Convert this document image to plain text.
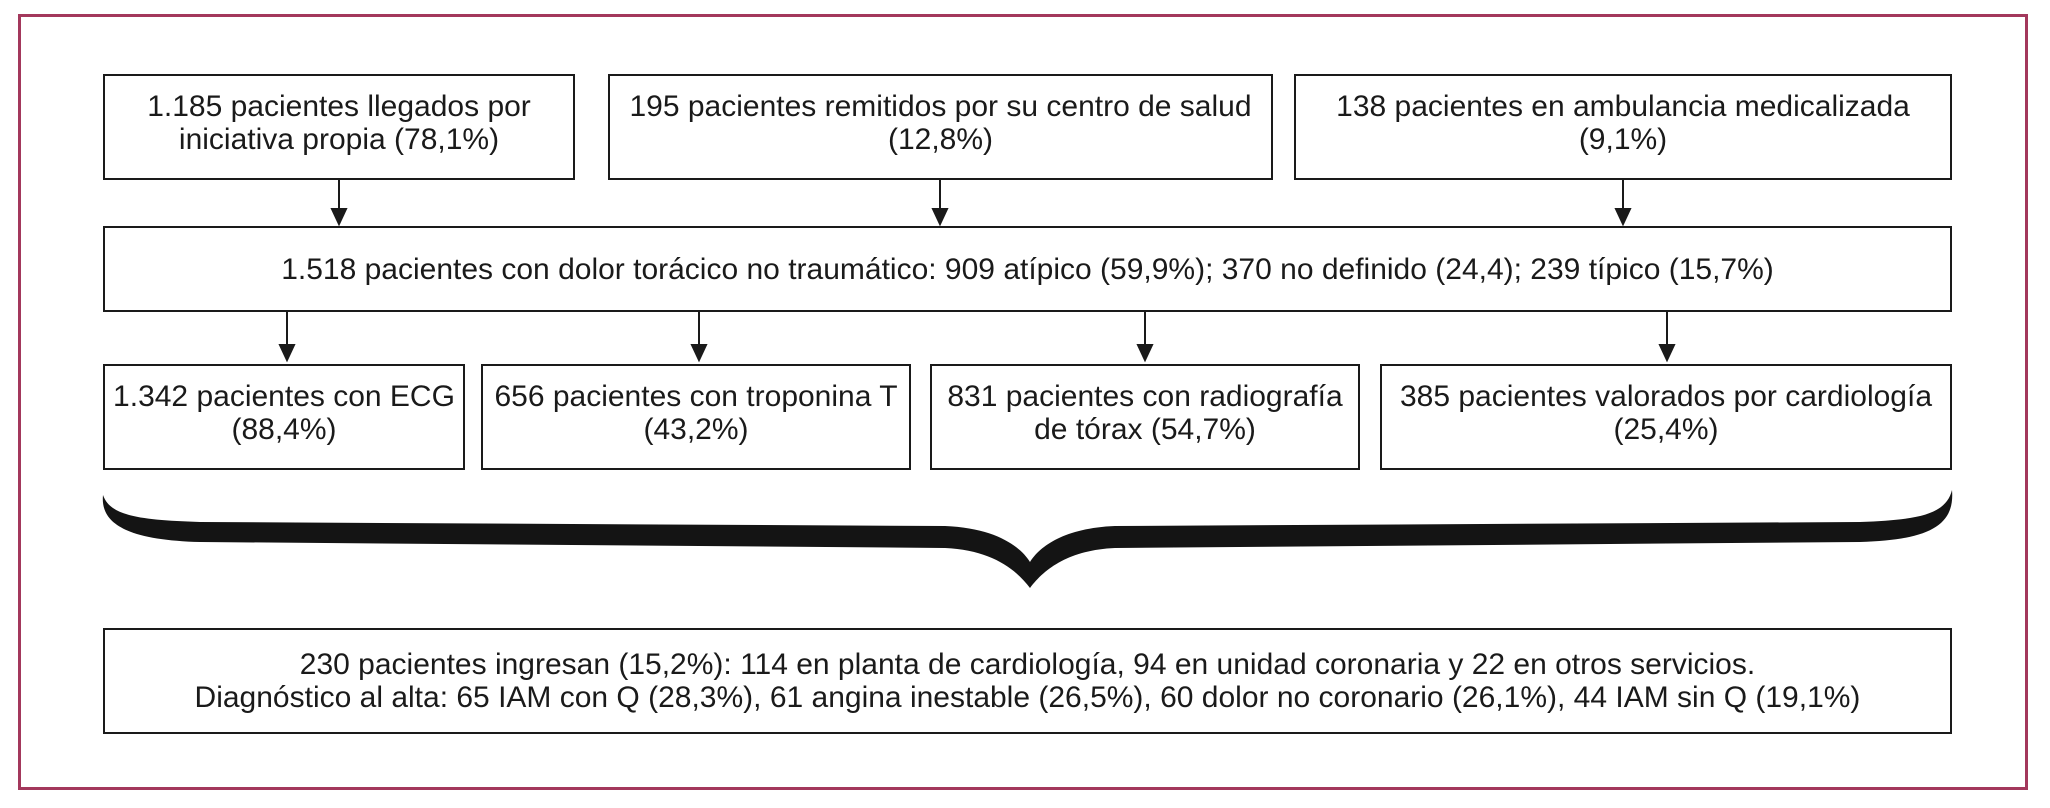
1.185 pacientes llegados por
iniciativa propia (78,1%)
195 pacientes remitidos por su centro de salud
(12,8%)
138 pacientes en ambulancia medicalizada
(9,1%)
1.518 pacientes con dolor torácico no traumático: 909 atípico (59,9%); 370 no definido (24,4); 239 típico (15,7%)
1.342 pacientes con ECG
(88,4%)
656 pacientes con troponina T
(43,2%)
831 pacientes con radiografía
de tórax (54,7%)
385 pacientes valorados por cardiología
(25,4%)
230 pacientes ingresan (15,2%): 114 en planta de cardiología, 94 en unidad coronaria y 22 en otros servicios.
Diagnóstico al alta: 65 IAM con Q (28,3%), 61 angina inestable (26,5%), 60 dolor no coronario (26,1%), 44 IAM sin Q (19,1%)
